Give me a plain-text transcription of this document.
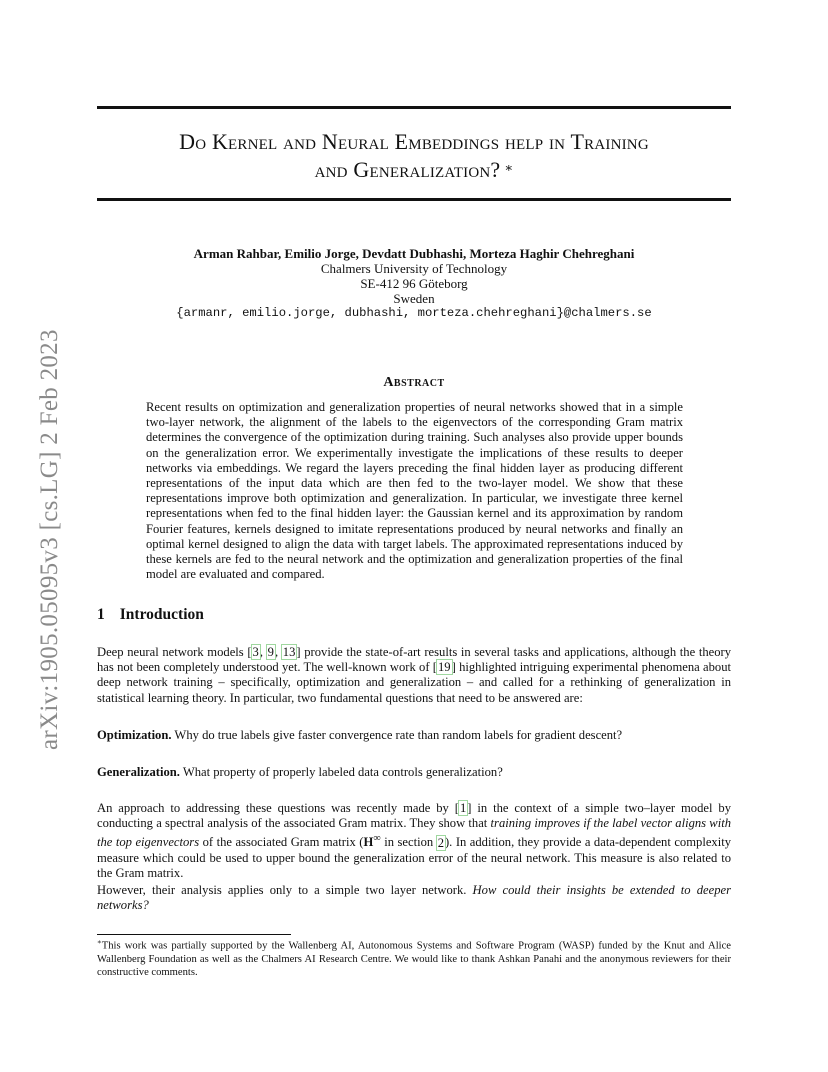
arXiv:1905.05095v3 [cs.LG] 2 Feb 2023
Do Kernel and Neural Embeddings help in Training
and Generalization? ∗
Arman Rahbar, Emilio Jorge, Devdatt Dubhashi, Morteza Haghir Chehreghani
Chalmers University of Technology
SE-412 96 Göteborg
Sweden
{armanr, emilio.jorge, dubhashi, morteza.chehreghani}@chalmers.se
Abstract

Recent results on optimization and generalization properties of neural networks showed that in a simple two-layer network, the alignment of the labels to the eigenvectors of the corresponding Gram matrix determines the convergence of the optimization during training. Such analyses also provide upper bounds on the generalization error. We experimentally investigate the implications of these results to deeper networks via embeddings. We regard the layers preceding the final hidden layer as producing different representations of the input data which are then fed to the two-layer model. We show that these representations improve both optimization and generalization. In particular, we investigate three kernel representations when fed to the final hidden layer: the Gaussian kernel and its approximation by random Fourier features, kernels designed to imitate representations produced by neural networks and finally an optimal kernel designed to align the data with target labels. The approximated representations induced by these kernels are fed to the neural network and the optimization and generalization properties of the final model are evaluated and compared.

1 Introduction

Deep neural network models [3, 9, 13] provide the state-of-art results in several tasks and applications, although the theory has not been completely understood yet. The well-known work of [19] highlighted intriguing experimental phenomena about deep network training – specifically, optimization and generalization – and called for a rethinking of generalization in statistical learning theory. In particular, two fundamental questions that need to be answered are:

Optimization. Why do true labels give faster convergence rate than random labels for gradient descent?

Generalization. What property of properly labeled data controls generalization?

An approach to addressing these questions was recently made by [1] in the context of a simple two–layer model by conducting a spectral analysis of the associated Gram matrix. They show that training improves if the label vector aligns with the top eigenvectors of the associated Gram matrix (H∞ in section 2). In addition, they provide a data-dependent complexity measure which could be used to upper bound the generalization error of the neural network. This measure is also related to the Gram matrix.

However, their analysis applies only to a simple two layer network. How could their insights be extended to deeper networks?

∗This work was partially supported by the Wallenberg AI, Autonomous Systems and Software Program (WASP) funded by the Knut and Alice Wallenberg Foundation as well as the Chalmers AI Research Centre. We would like to thank Ashkan Panahi and the anonymous reviewers for their constructive comments.
